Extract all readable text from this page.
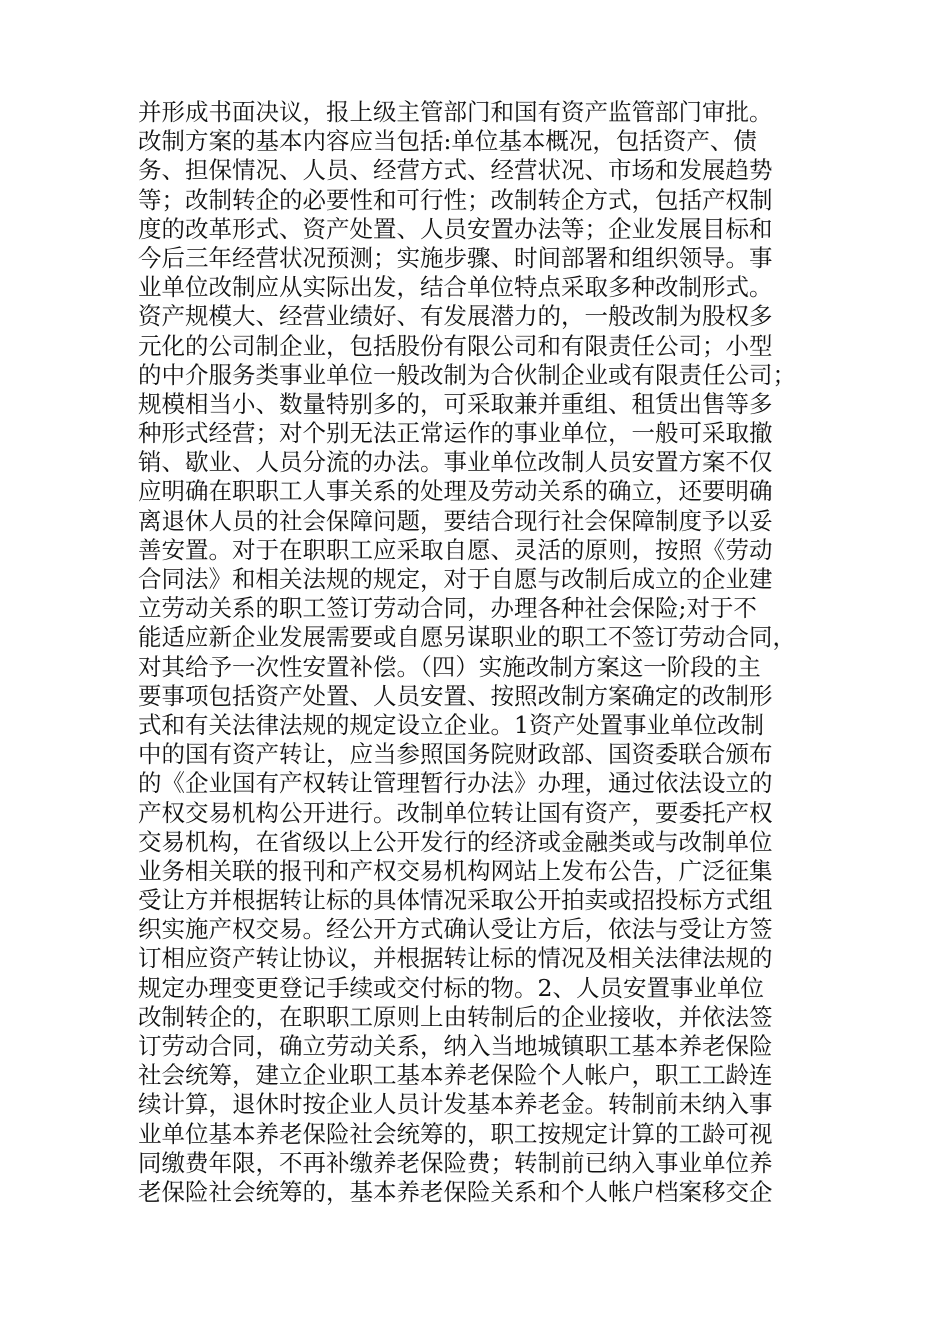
并形成书面决议，报上级主管部门和国有资产监管部门审批。
改制方案的基本内容应当包括:单位基本概况，包括资产、债
务、担保情况、人员、经营方式、经营状况、市场和发展趋势
等；改制转企的必要性和可行性；改制转企方式，包括产权制
度的改革形式、资产处置、人员安置办法等；企业发展目标和
今后三年经营状况预测；实施步骤、时间部署和组织领导。事
业单位改制应从实际出发，结合单位特点采取多种改制形式。
资产规模大、经营业绩好、有发展潜力的，一般改制为股权多
元化的公司制企业，包括股份有限公司和有限责任公司；小型
的中介服务类事业单位一般改制为合伙制企业或有限责任公司；
规模相当小、数量特别多的，可采取兼并重组、租赁出售等多
种形式经营；对个别无法正常运作的事业单位，一般可采取撤
销、歇业、人员分流的办法。事业单位改制人员安置方案不仅
应明确在职职工人事关系的处理及劳动关系的确立，还要明确
离退休人员的社会保障问题，要结合现行社会保障制度予以妥
善安置。对于在职职工应采取自愿、灵活的原则，按照《劳动
合同法》和相关法规的规定，对于自愿与改制后成立的企业建
立劳动关系的职工签订劳动合同，办理各种社会保险;对于不
能适应新企业发展需要或自愿另谋职业的职工不签订劳动合同，
对其给予一次性安置补偿。（四）实施改制方案这一阶段的主
要事项包括资产处置、人员安置、按照改制方案确定的改制形
式和有关法律法规的规定设立企业。1资产处置事业单位改制
中的国有资产转让，应当参照国务院财政部、国资委联合颁布
的《企业国有产权转让管理暂行办法》办理，通过依法设立的
产权交易机构公开进行。改制单位转让国有资产，要委托产权
交易机构，在省级以上公开发行的经济或金融类或与改制单位
业务相关联的报刊和产权交易机构网站上发布公告，广泛征集
受让方并根据转让标的具体情况采取公开拍卖或招投标方式组
织实施产权交易。经公开方式确认受让方后，依法与受让方签
订相应资产转让协议，并根据转让标的情况及相关法律法规的
规定办理变更登记手续或交付标的物。2、人员安置事业单位
改制转企的，在职职工原则上由转制后的企业接收，并依法签
订劳动合同，确立劳动关系，纳入当地城镇职工基本养老保险
社会统筹，建立企业职工基本养老保险个人帐户，职工工龄连
续计算，退休时按企业人员计发基本养老金。转制前未纳入事
业单位基本养老保险社会统筹的，职工按规定计算的工龄可视
同缴费年限，不再补缴养老保险费；转制前已纳入事业单位养
老保险社会统筹的，基本养老保险关系和个人帐户档案移交企
